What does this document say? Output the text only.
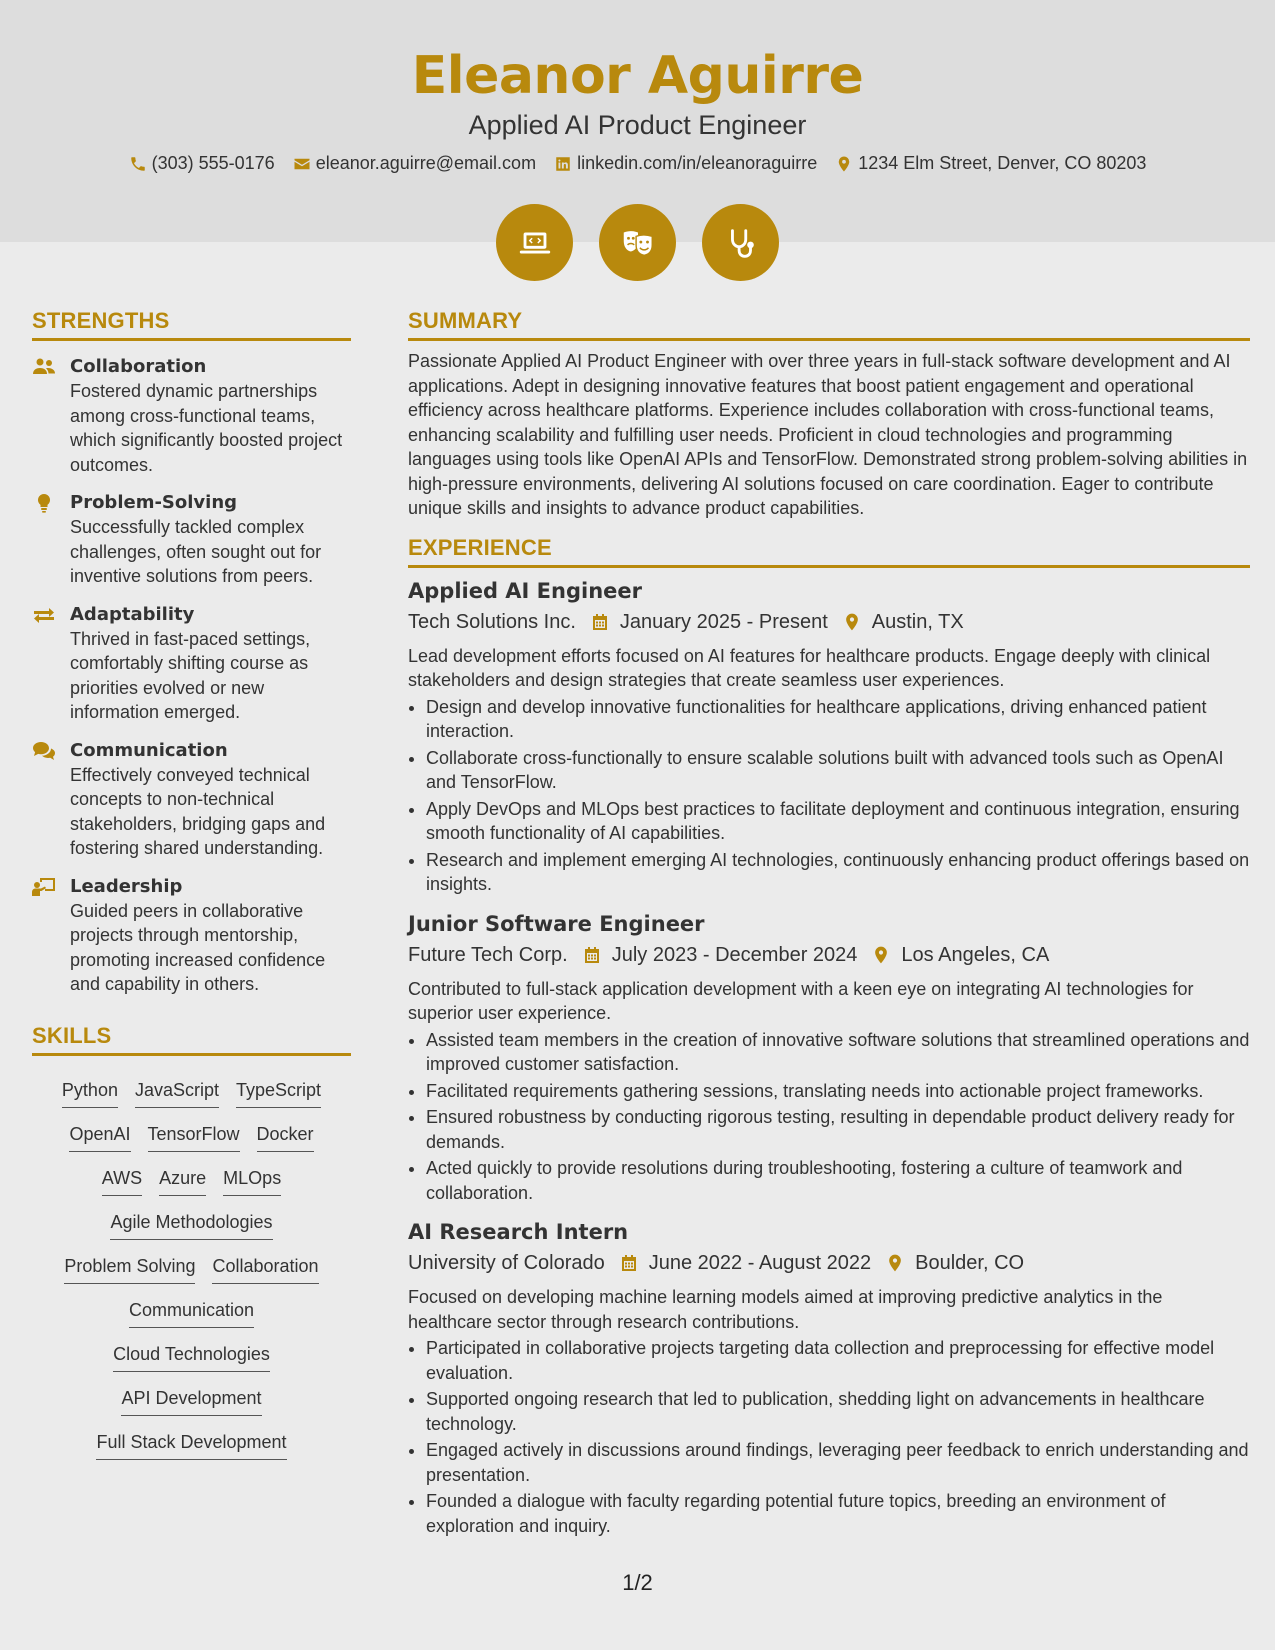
Eleanor Aguirre
Applied AI Product Engineer
(303) 555-0176 eleanor.aguirre@email.com linkedin.com/in/eleanoraguirre 1234 Elm Street, Denver, CO 80203
STRENGTHS
Collaboration
Fostered dynamic partnerships among cross-functional teams, which significantly boosted project outcomes.
Problem-Solving
Successfully tackled complex challenges, often sought out for inventive solutions from peers.
Adaptability
Thrived in fast-paced settings, comfortably shifting course as priorities evolved or new information emerged.
Communication
Effectively conveyed technical concepts to non-technical stakeholders, bridging gaps and fostering shared understanding.
Leadership
Guided peers in collaborative projects through mentorship, promoting increased confidence and capability in others.
SKILLS
Python JavaScript TypeScript
OpenAI TensorFlow Docker
AWS Azure MLOps
Agile Methodologies
Problem Solving Collaboration
Communication
Cloud Technologies
API Development
Full Stack Development
SUMMARY
Passionate Applied AI Product Engineer with over three years in full-stack software development and AI applications. Adept in designing innovative features that boost patient engagement and operational efficiency across healthcare platforms. Experience includes collaboration with cross-functional teams, enhancing scalability and fulfilling user needs. Proficient in cloud technologies and programming languages using tools like OpenAI APIs and TensorFlow. Demonstrated strong problem-solving abilities in high-pressure environments, delivering AI solutions focused on care coordination. Eager to contribute unique skills and insights to advance product capabilities.
EXPERIENCE
Applied AI Engineer
Tech Solutions Inc. January 2025 - Present Austin, TX
Lead development efforts focused on AI features for healthcare products. Engage deeply with clinical stakeholders and design strategies that create seamless user experiences.
• Design and develop innovative functionalities for healthcare applications, driving enhanced patient interaction.
• Collaborate cross-functionally to ensure scalable solutions built with advanced tools such as OpenAI and TensorFlow.
• Apply DevOps and MLOps best practices to facilitate deployment and continuous integration, ensuring smooth functionality of AI capabilities.
• Research and implement emerging AI technologies, continuously enhancing product offerings based on insights.
Junior Software Engineer
Future Tech Corp. July 2023 - December 2024 Los Angeles, CA
Contributed to full-stack application development with a keen eye on integrating AI technologies for superior user experience.
• Assisted team members in the creation of innovative software solutions that streamlined operations and improved customer satisfaction.
• Facilitated requirements gathering sessions, translating needs into actionable project frameworks.
• Ensured robustness by conducting rigorous testing, resulting in dependable product delivery ready for demands.
• Acted quickly to provide resolutions during troubleshooting, fostering a culture of teamwork and collaboration.
AI Research Intern
University of Colorado June 2022 - August 2022 Boulder, CO
Focused on developing machine learning models aimed at improving predictive analytics in the healthcare sector through research contributions.
• Participated in collaborative projects targeting data collection and preprocessing for effective model evaluation.
• Supported ongoing research that led to publication, shedding light on advancements in healthcare technology.
• Engaged actively in discussions around findings, leveraging peer feedback to enrich understanding and presentation.
• Founded a dialogue with faculty regarding potential future topics, breeding an environment of exploration and inquiry.
1/2
